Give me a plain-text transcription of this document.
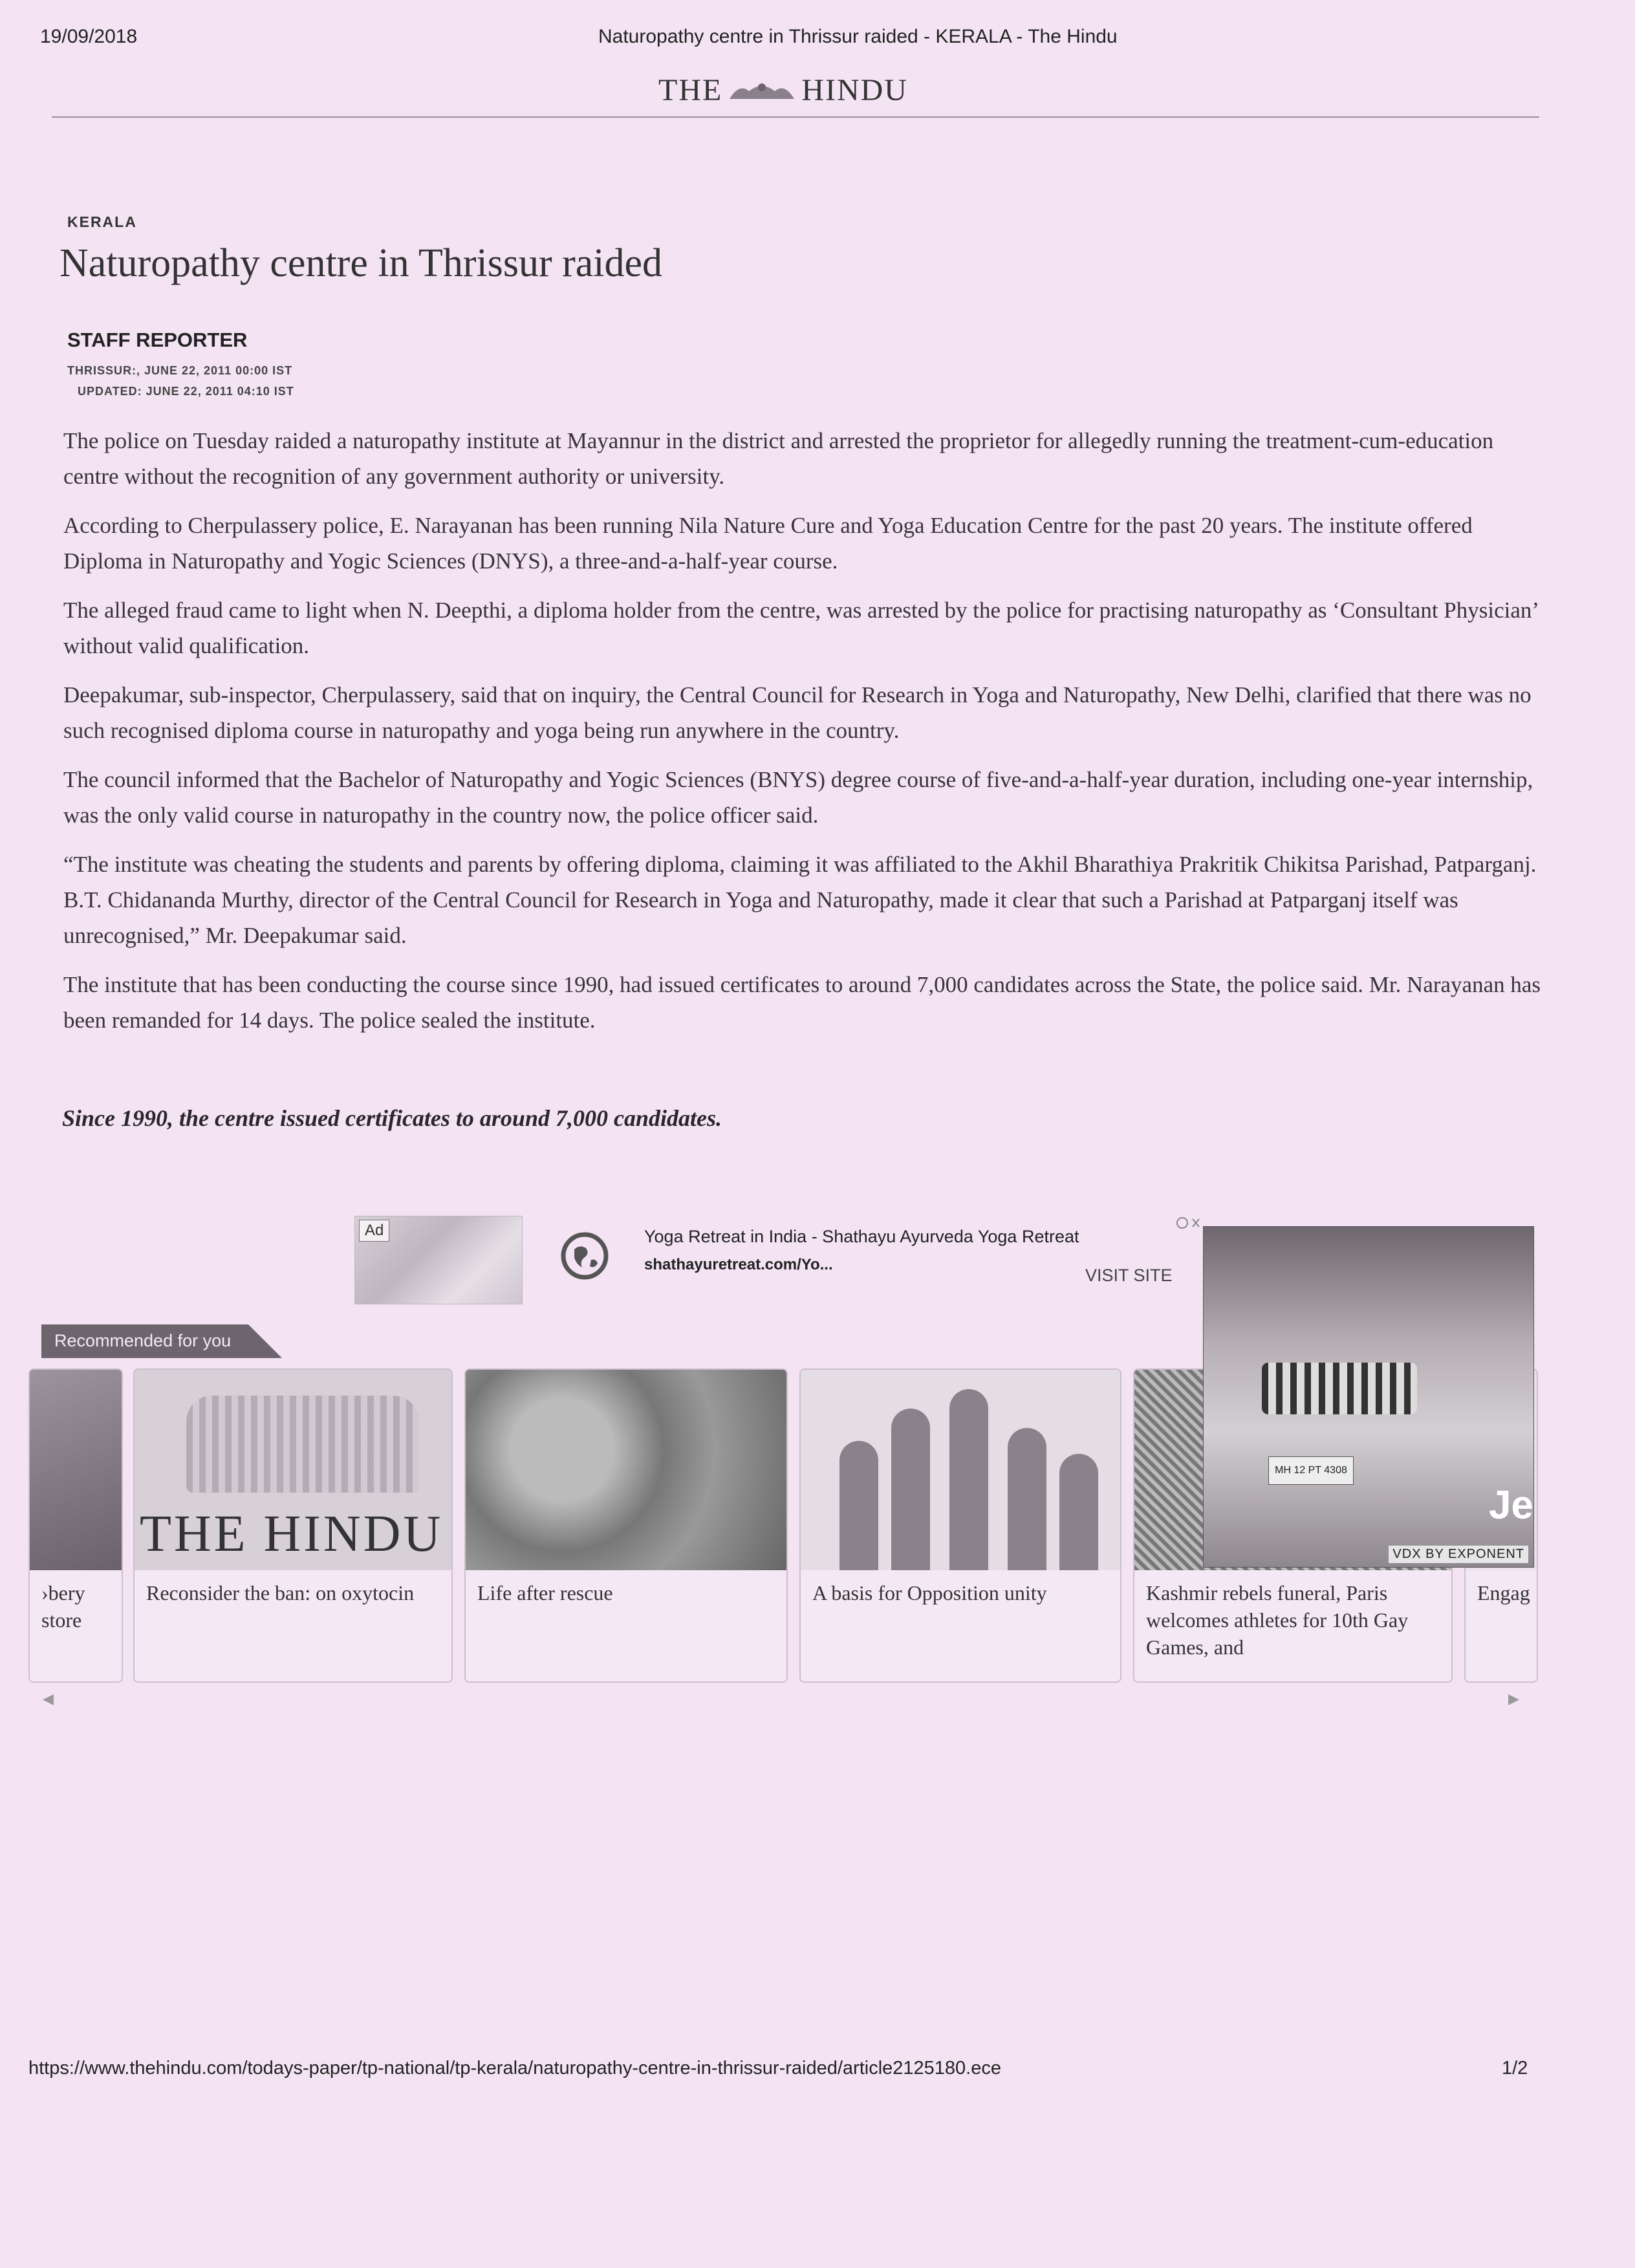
19/09/2018	Naturopathy centre in Thrissur raided - KERALA - The Hindu
THE	HINDU
KERALA
Naturopathy centre in Thrissur raided
STAFF REPORTER
THRISSUR:, JUNE 22, 2011 00:00 IST
UPDATED: JUNE 22, 2011 04:10 IST

The police on Tuesday raided a naturopathy institute at Mayannur in the district and arrested the proprietor for allegedly running the treatment-cum-education centre without the recognition of any government authority or university.

According to Cherpulassery police, E. Narayanan has been running Nila Nature Cure and Yoga Education Centre for the past 20 years. The institute offered Diploma in Naturopathy and Yogic Sciences (DNYS), a three-and-a-half-year course.

The alleged fraud came to light when N. Deepthi, a diploma holder from the centre, was arrested by the police for practising naturopathy as ‘Consultant Physician’ without valid qualification.

Deepakumar, sub-inspector, Cherpulassery, said that on inquiry, the Central Council for Research in Yoga and Naturopathy, New Delhi, clarified that there was no such recognised diploma course in naturopathy and yoga being run anywhere in the country.

The council informed that the Bachelor of Naturopathy and Yogic Sciences (BNYS) degree course of five-and-a-half-year duration, including one-year internship, was the only valid course in naturopathy in the country now, the police officer said.

“The institute was cheating the students and parents by offering diploma, claiming it was affiliated to the Akhil Bharathiya Prakritik Chikitsa Parishad, Patparganj. B.T. Chidananda Murthy, director of the Central Council for Research in Yoga and Naturopathy, made it clear that such a Parishad at Patparganj itself was unrecognised,” Mr. Deepakumar said.

The institute that has been conducting the course since 1990, had issued certificates to around 7,000 candidates across the State, the police said. Mr. Narayanan has been remanded for 14 days. The police sealed the institute.

Since 1990, the centre issued certificates to around 7,000 candidates.
Ad	Yoga Retreat in India - Shathayu Ayurveda Yoga Retreat
shathayuretreat.com/Yo...
VISIT SITE
Recommended for you
›bery store
THE HINDU
Reconsider the ban: on oxytocin	Life after rescue	A basis for Opposition unity	Kashmir rebels funeral, Paris welcomes athletes for 10th Gay Games, and
Engag
MH 12 PT 4308
Je
VDX BY EXPONENT
◀	▶
https://www.thehindu.com/todays-paper/tp-national/tp-kerala/naturopathy-centre-in-thrissur-raided/article2125180.ece	1/2
